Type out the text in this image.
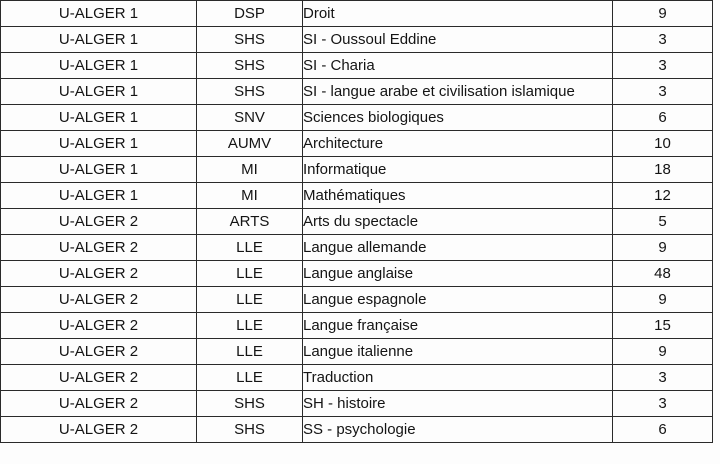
U-ALGER 1	DSP	Droit	9
U-ALGER 1	SHS	SI - Oussoul Eddine	3
U-ALGER 1	SHS	SI - Charia	3
U-ALGER 1	SHS	SI - langue arabe et civilisation islamique	3
U-ALGER 1	SNV	Sciences biologiques	6
U-ALGER 1	AUMV	Architecture	10
U-ALGER 1	MI	Informatique	18
U-ALGER 1	MI	Mathématiques	12
U-ALGER 2	ARTS	Arts du spectacle	5
U-ALGER 2	LLE	Langue allemande	9
U-ALGER 2	LLE	Langue anglaise	48
U-ALGER 2	LLE	Langue espagnole	9
U-ALGER 2	LLE	Langue française	15
U-ALGER 2	LLE	Langue italienne	9
U-ALGER 2	LLE	Traduction	3
U-ALGER 2	SHS	SH - histoire	3
U-ALGER 2	SHS	SS - psychologie	6
